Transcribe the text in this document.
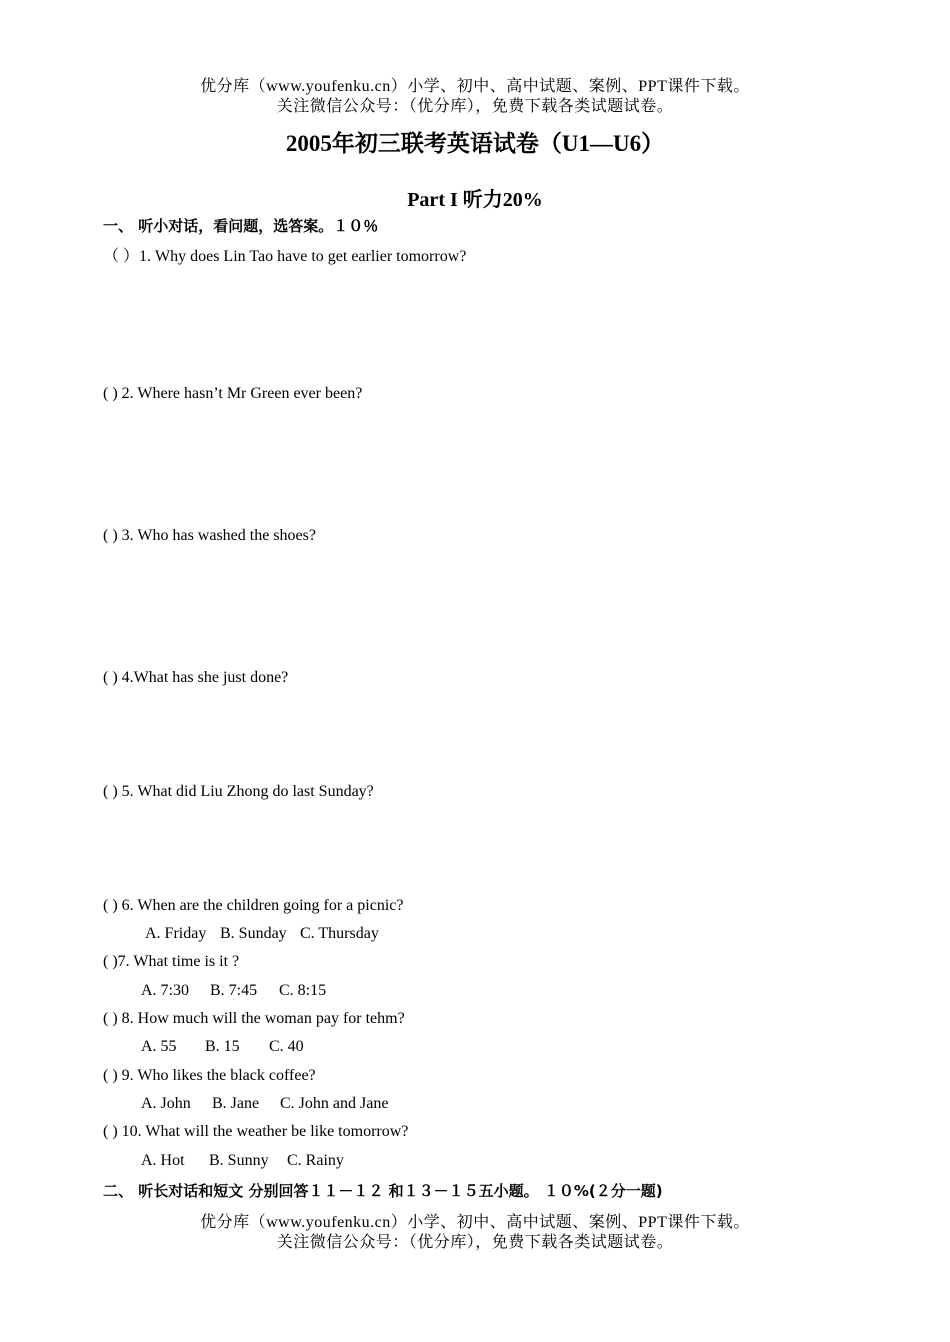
优分库（www.youfenku.cn）小学、初中、高中试题、案例、PPT课件下载。
关注微信公众号：（优分库），免费下载各类试题试卷。
2005年初三联考英语试卷（U1—U6）
Part I 听力20%
一、 听小对话，看问题，选答案。１０％
（ ）1. Why does Lin Tao have to get earlier tomorrow?
( ) 2. Where hasn’t Mr Green ever been?
( ) 3. Who has washed the shoes?
( ) 4.What has she just done?
( ) 5. What did Liu Zhong do last Sunday?
( ) 6. When are the children going for a picnic?
A. Friday B. Sunday C. Thursday
( )7. What time is it ?
A. 7:30 B. 7:45 C. 8:15
( ) 8. How much will the woman pay for tehm?
A. 55 B. 15 C. 40
( ) 9. Who likes the black coffee?
A. John B. Jane C. John and Jane
( ) 10. What will the weather be like tomorrow?
A. Hot B. Sunny C. Rainy
二、 听长对话和短文 分别回答１１－１２ 和１３－１５五小题。 １０%(２分一题)
优分库（www.youfenku.cn）小学、初中、高中试题、案例、PPT课件下载。
关注微信公众号：（优分库），免费下载各类试题试卷。
